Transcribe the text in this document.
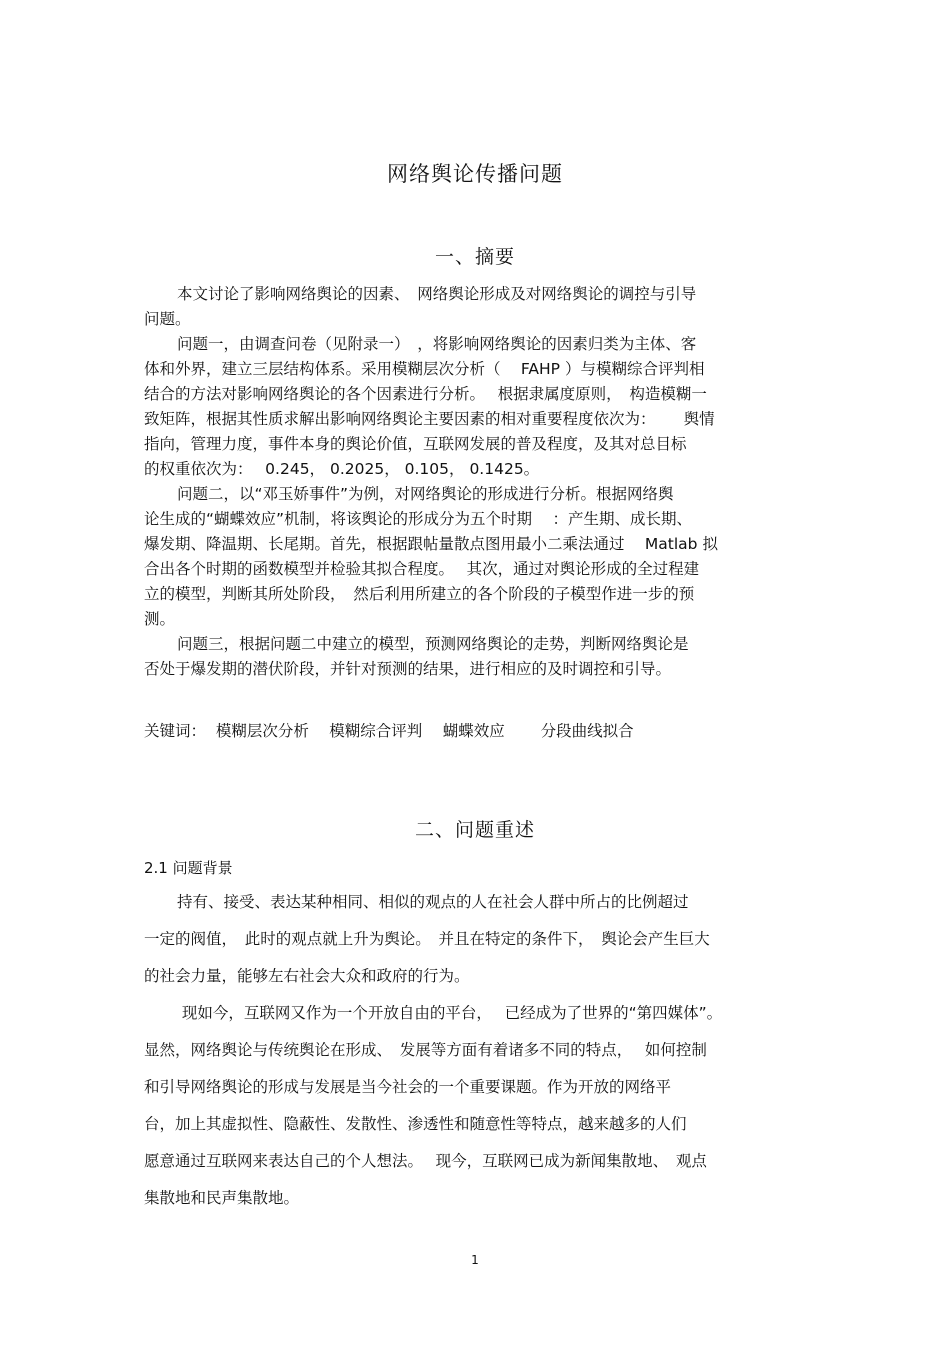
网络舆论传播问题
一、摘要
本文讨论了影响网络舆论的因素、　网络舆论形成及对网络舆论的调控与引导
问题。
问题一，由调查问卷（见附录一）　，将影响网络舆论的因素归类为主体、客
体和外界，建立三层结构体系。采用模糊层次分析（　 FAHP ）与模糊综合评判相
结合的方法对影响网络舆论的各个因素进行分析。　 根据隶属度原则，　构造模糊一
致矩阵，根据其性质求解出影响网络舆论主要因素的相对重要程度依次为：　　 舆情
指向，管理力度，事件本身的舆论价值，互联网发展的普及程度，及其对总目标
的权重依次为：　 0.245， 0.2025， 0.105， 0.1425。
问题二，以“邓玉娇事件”为例，对网络舆论的形成进行分析。根据网络舆
论生成的“蝴蝶效应”机制，将该舆论的形成分为五个时期　 ：产生期、成长期、
爆发期、降温期、长尾期。首先，根据跟帖量散点图用最小二乘法通过　 Matlab 拟
合出各个时期的函数模型并检验其拟合程度。　 其次，通过对舆论形成的全过程建
立的模型，判断其所处阶段，　然后利用所建立的各个阶段的子模型作进一步的预
测。
问题三，根据问题二中建立的模型，预测网络舆论的走势，判断网络舆论是
否处于爆发期的潜伏阶段，并针对预测的结果，进行相应的及时调控和引导。
关键词：  模糊层次分析　 模糊综合评判　 蝴蝶效应　　 分段曲线拟合
二、问题重述
2.1 问题背景
持有、接受、表达某种相同、相似的观点的人在社会人群中所占的比例超过
一定的阀值，　此时的观点就上升为舆论。　并且在特定的条件下，　舆论会产生巨大
的社会力量，能够左右社会大众和政府的行为。
现如今，互联网又作为一个开放自由的平台，　 已经成为了世界的“第四媒体”。
显然，网络舆论与传统舆论在形成、　发展等方面有着诸多不同的特点，　 如何控制
和引导网络舆论的形成与发展是当今社会的一个重要课题。作为开放的网络平
台，加上其虚拟性、隐蔽性、发散性、渗透性和随意性等特点，越来越多的人们
愿意通过互联网来表达自己的个人想法。　 现今，互联网已成为新闻集散地、　观点
集散地和民声集散地。
1
